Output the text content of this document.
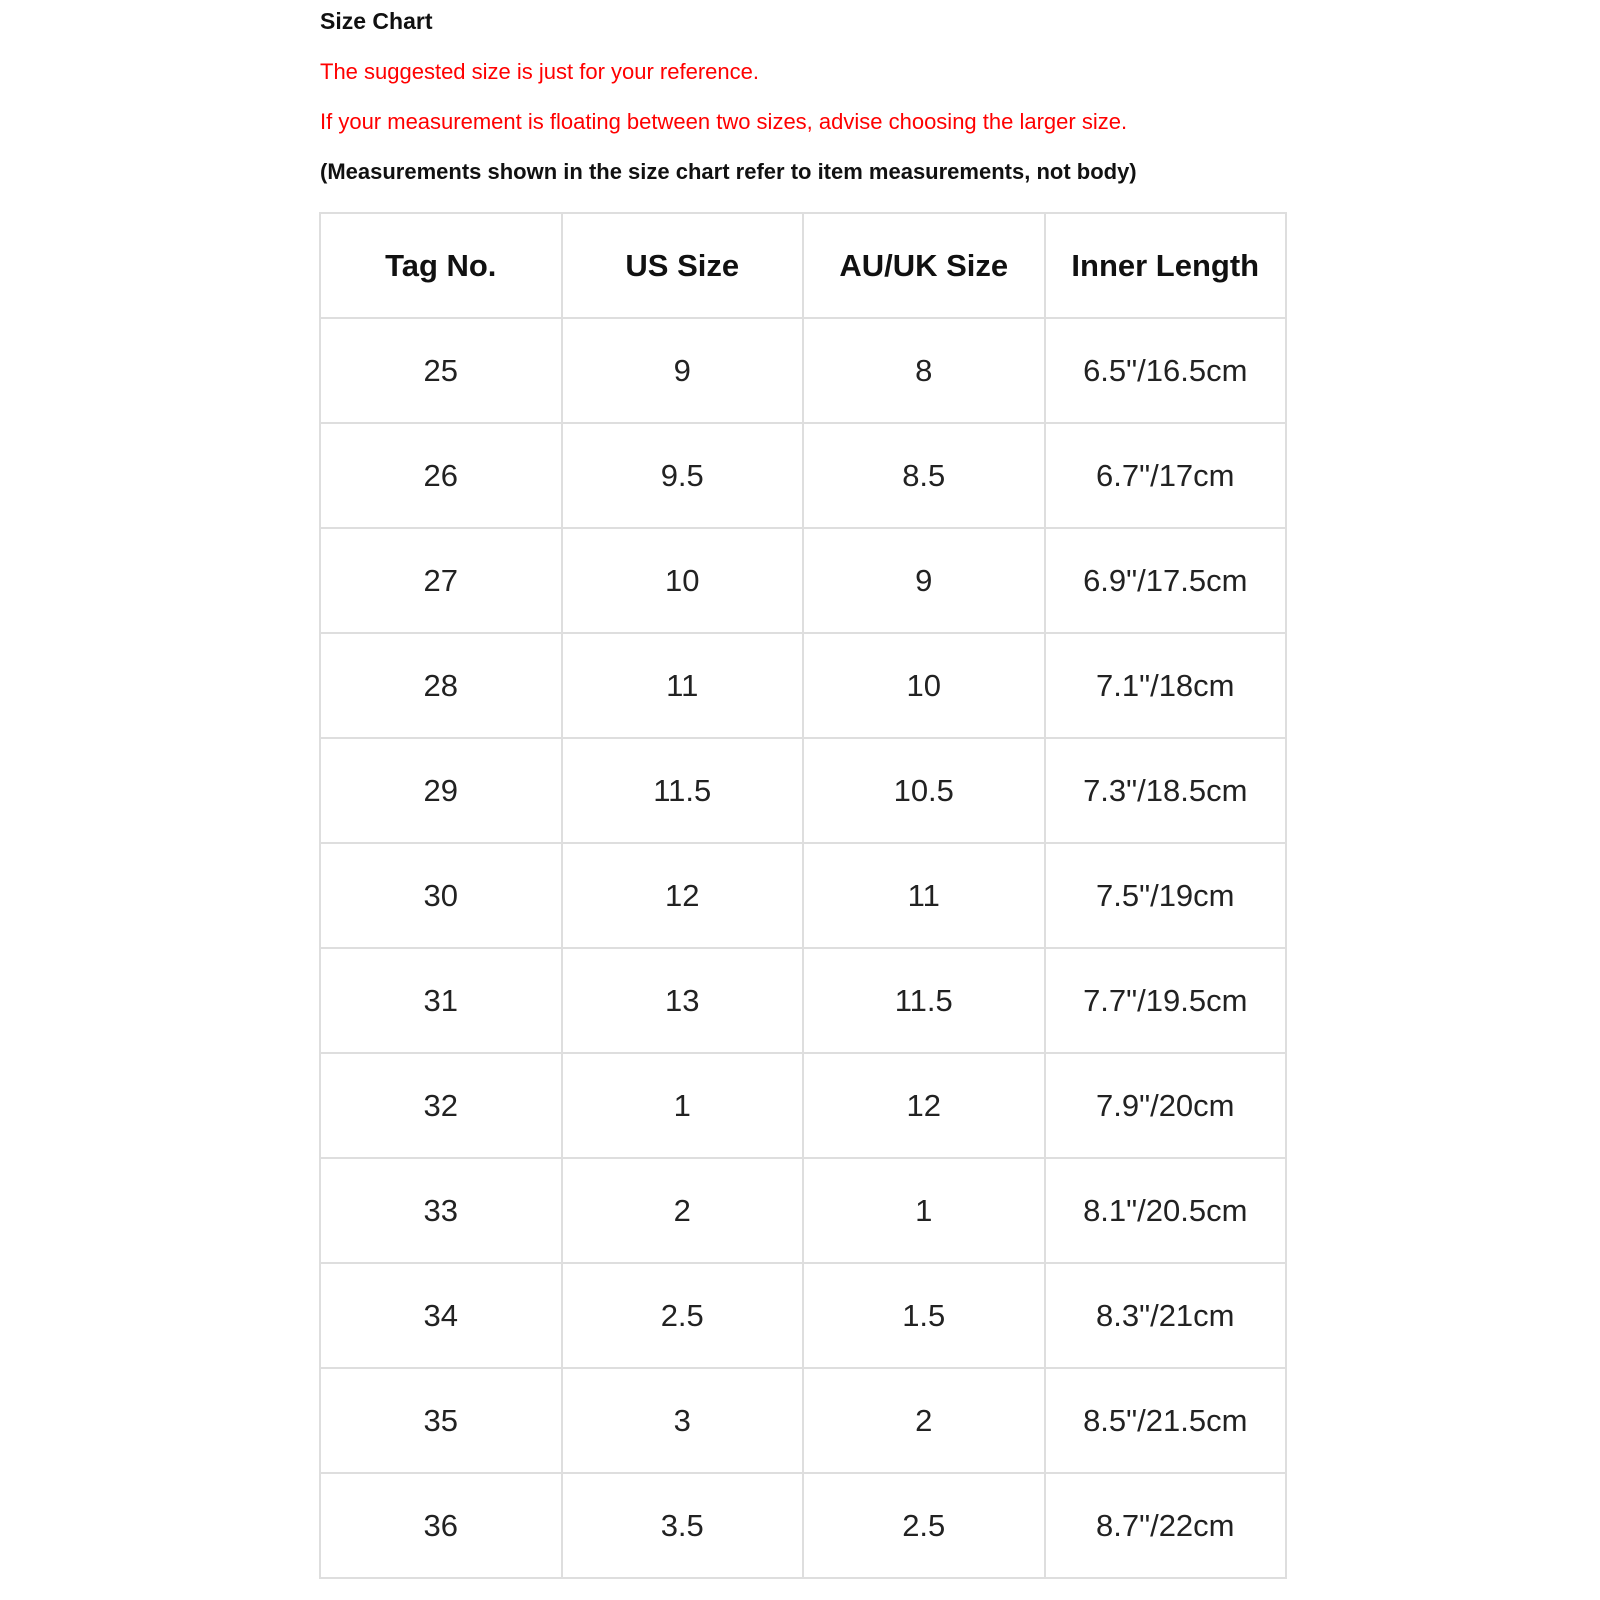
Size Chart
The suggested size is just for your reference.
If your measurement is floating between two sizes, advise choosing the larger size.
(Measurements shown in the size chart refer to item measurements, not body)
Tag No.	US Size	AU/UK Size	Inner Length
25	9	8	6.5"/16.5cm
26	9.5	8.5	6.7"/17cm
27	10	9	6.9"/17.5cm
28	11	10	7.1"/18cm
29	11.5	10.5	7.3"/18.5cm
30	12	11	7.5"/19cm
31	13	11.5	7.7"/19.5cm
32	1	12	7.9"/20cm
33	2	1	8.1"/20.5cm
34	2.5	1.5	8.3"/21cm
35	3	2	8.5"/21.5cm
36	3.5	2.5	8.7"/22cm
